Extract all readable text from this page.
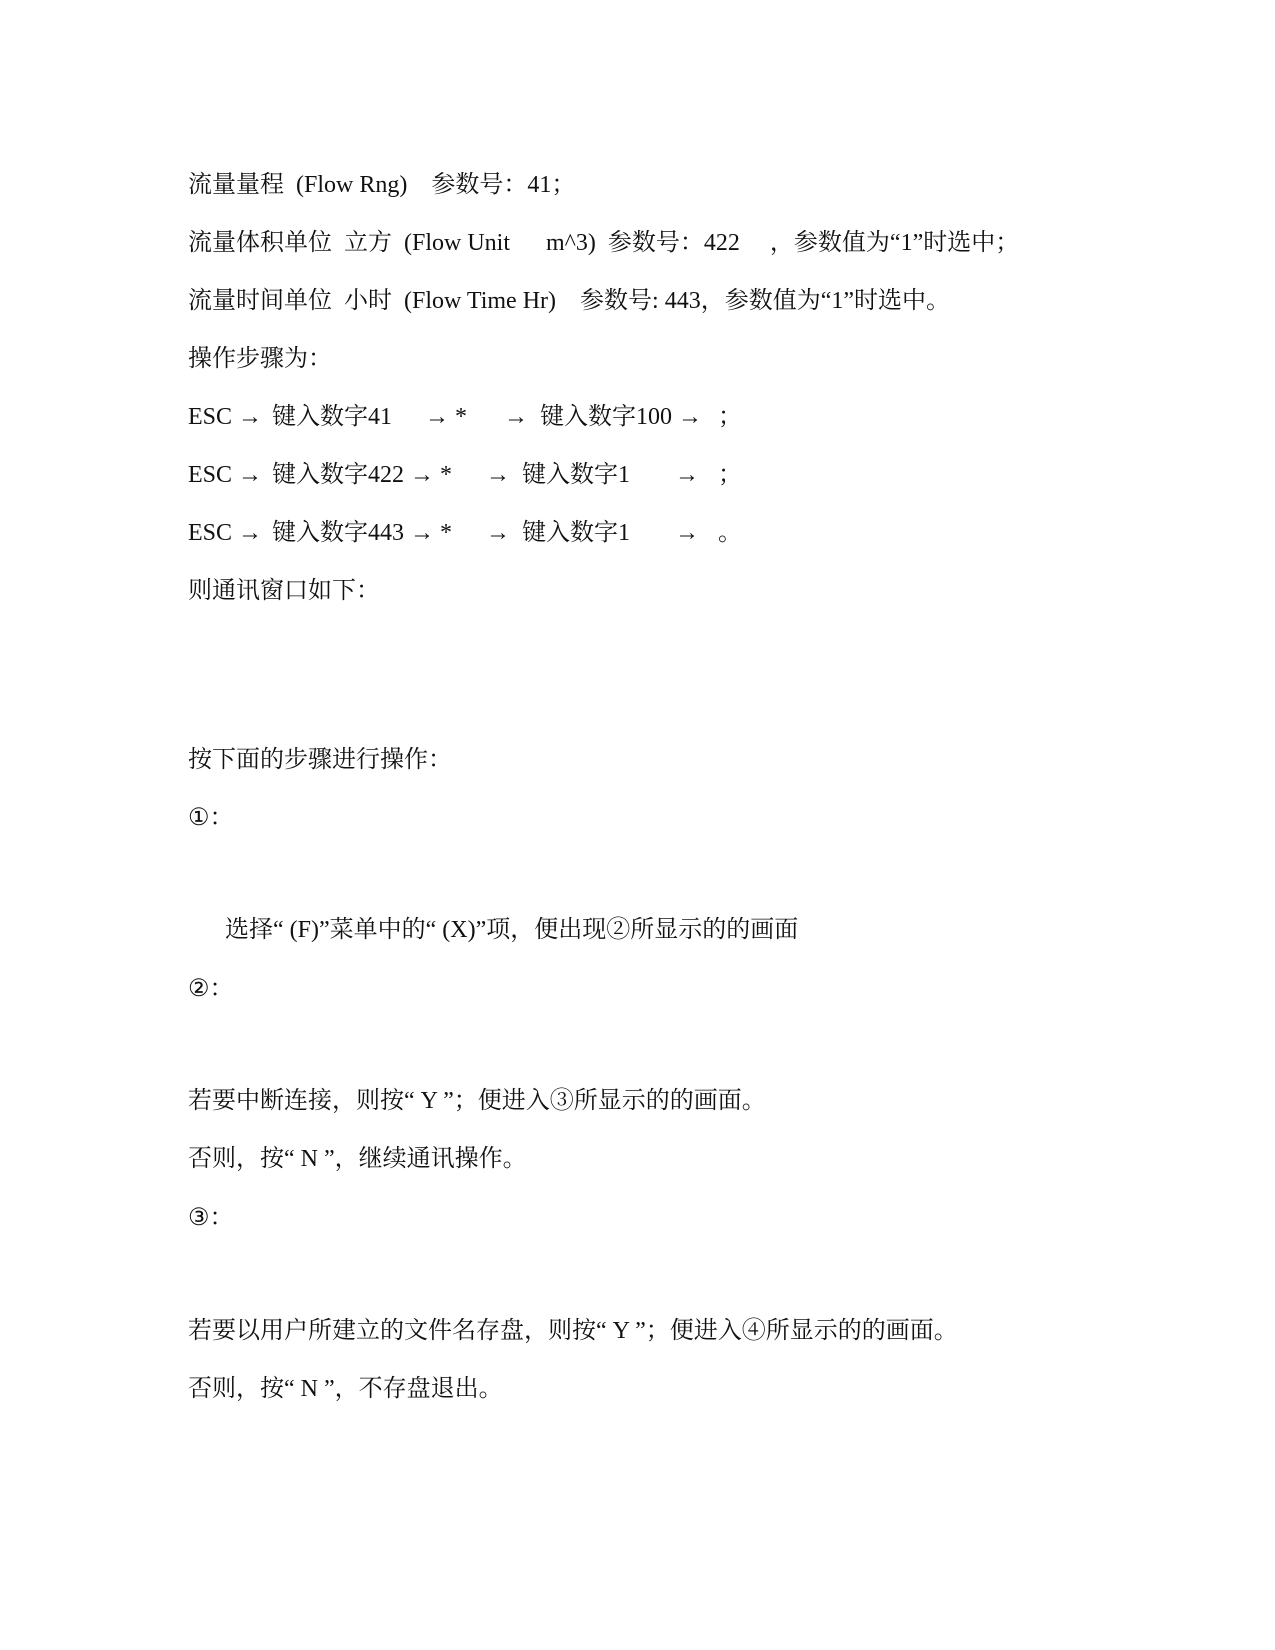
流量量程  (Flow Rng)    参数号：41；
流量体积单位  立方  (Flow Unit      m^3)  参数号：422     ，参数值为“1”时选中；
流量时间单位  小时  (Flow Time Hr)    参数号: 443，参数值为“1”时选中。
操作步骤为：
ESC → 键入数字41 → * → 键入数字100 → ；
ESC → 键入数字422 → * → 键入数字1 → ；
ESC → 键入数字443 → * → 键入数字1 → 。
则通讯窗口如下：
按下面的步骤进行操作：
①：
选择“ (F)”菜单中的“ (X)”项，便出现②所显示的的画面
②：
若要中断连接，则按“ Y ”；便进入③所显示的的画面。
否则，按“ N ”，继续通讯操作。
③：
若要以用户所建立的文件名存盘，则按“ Y ”；便进入④所显示的的画面。
否则，按“ N ”，不存盘退出。
